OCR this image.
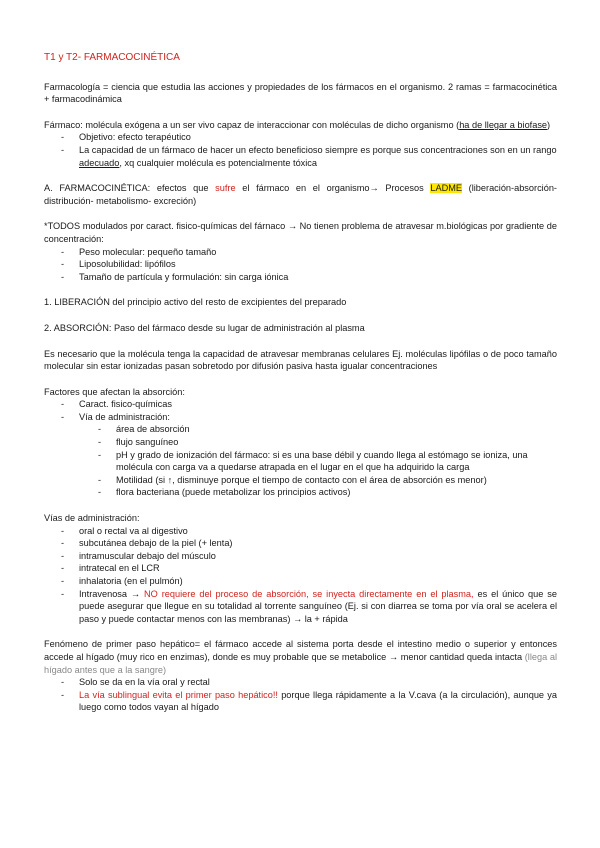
T1 y T2- FARMACOCINÉTICA

Farmacología = ciencia que estudia las acciones y propiedades de los fármacos en el organismo. 2 ramas = farmacocinética + farmacodinámica

Fármaco: molécula exógena a un ser vivo capaz de interaccionar con moléculas de dicho organismo (ha de llegar a biofase)

- Objetivo: efecto terapéutico
- La capacidad de un fármaco de hacer un efecto beneficioso siempre es porque sus concentraciones son en un rango adecuado, xq cualquier molécula es potencialmente tóxica

A. FARMACOCINÉTICA: efectos que sufre el fármaco en el organismo→ Procesos LADME (liberación-absorción- distribución- metabolismo- excreción)

*TODOS modulados por caract. fisico-químicas del fárnaco → No tienen problema de atravesar m.biológicas por gradiente de concentración:

- Peso molecular: pequeño tamaño
- Liposolubilidad: lipófilos
- Tamaño de partícula y formulación: sin carga iónica

1. LIBERACIÓN del principio activo del resto de excipientes del preparado

2. ABSORCIÓN: Paso del fármaco desde su lugar de administración al plasma

Es necesario que la molécula tenga la capacidad de atravesar membranas celulares Ej. moléculas lipófilas o de poco tamaño molecular sin estar ionizadas pasan sobretodo por difusión pasiva hasta igualar concentraciones

Factores que afectan la absorción:

- Caract. fisico-químicas
- Vía de administración:
- área de absorción
- flujo sanguíneo
- pH y grado de ionización del fármaco: si es una base débil y cuando llega al estómago se ioniza, una molécula con carga va a quedarse atrapada en el lugar en el que ha adquirido la carga
- Motilidad (si ↑, disminuye porque el tiempo de contacto con el área de absorción es menor)
- flora bacteriana (puede metabolizar los principios activos)

Vías de administración:

- oral o rectal va al digestivo
- subcutánea debajo de la piel (+ lenta)
- intramuscular debajo del músculo
- intratecal en el LCR
- inhalatoria (en el pulmón)
- Intravenosa → NO requiere del proceso de absorción, se inyecta directamente en el plasma, es el único que se puede asegurar que llegue en su totalidad al torrente sanguíneo (Ej. si con diarrea se toma por vía oral se acelera el paso y puede contactar menos con las membranas) → la + rápida

Fenómeno de primer paso hepático= el fármaco accede al sistema porta desde el intestino medio o superior y entonces accede al hígado (muy rico en enzimas), donde es muy probable que se metabolice → menor cantidad queda intacta (llega al hígado antes que a la sangre)

- Solo se da en la vía oral y rectal
- La vía sublingual evita el primer paso hepático!! porque llega rápidamente a la V.cava (a la circulación), aunque ya luego como todos vayan al hígado
